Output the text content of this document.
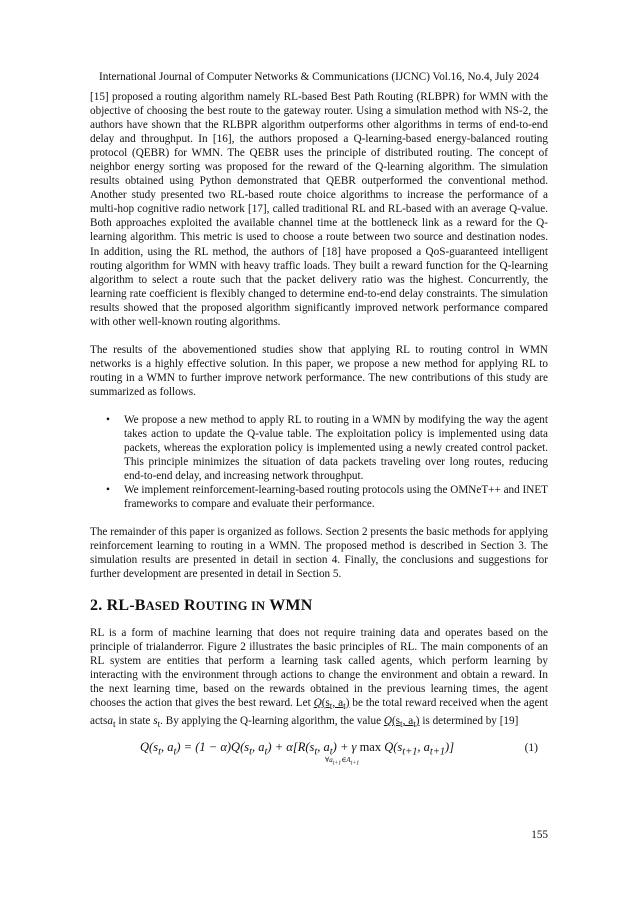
International Journal of Computer Networks & Communications (IJCNC) Vol.16, No.4, July 2024

[15] proposed a routing algorithm namely RL-based Best Path Routing (RLBPR) for WMN with the objective of choosing the best route to the gateway router. Using a simulation method with NS-2, the authors have shown that the RLBPR algorithm outperforms other algorithms in terms of end-to-end delay and throughput. In [16], the authors proposed a Q-learning-based energy-balanced routing protocol (QEBR) for WMN. The QEBR uses the principle of distributed routing. The concept of neighbor energy sorting was proposed for the reward of the Q-learning algorithm. The simulation results obtained using Python demonstrated that QEBR outperformed the conventional method. Another study presented two RL-based route choice algorithms to increase the performance of a multi-hop cognitive radio network [17], called traditional RL and RL-based with an average Q-value. Both approaches exploited the available channel time at the bottleneck link as a reward for the Q-learning algorithm. This metric is used to choose a route between two source and destination nodes. In addition, using the RL method, the authors of [18] have proposed a QoS-guaranteed intelligent routing algorithm for WMN with heavy traffic loads. They built a reward function for the Q-learning algorithm to select a route such that the packet delivery ratio was the highest. Concurrently, the learning rate coefficient is flexibly changed to determine end-to-end delay constraints. The simulation results showed that the proposed algorithm significantly improved network performance compared with other well-known routing algorithms.

The results of the abovementioned studies show that applying RL to routing control in WMN networks is a highly effective solution. In this paper, we propose a new method for applying RL to routing in a WMN to further improve network performance. The new contributions of this study are summarized as follows.

• We propose a new method to apply RL to routing in a WMN by modifying the way the agent takes action to update the Q-value table. The exploitation policy is implemented using data packets, whereas the exploration policy is implemented using a newly created control packet. This principle minimizes the situation of data packets traveling over long routes, reducing end-to-end delay, and increasing network throughput.
• We implement reinforcement-learning-based routing protocols using the OMNeT++ and INET frameworks to compare and evaluate their performance.

The remainder of this paper is organized as follows. Section 2 presents the basic methods for applying reinforcement learning to routing in a WMN. The proposed method is described in Section 3. The simulation results are presented in detail in section 4. Finally, the conclusions and suggestions for further development are presented in detail in Section 5.

2. RL-BASED ROUTING IN WMN

RL is a form of machine learning that does not require training data and operates based on the principle of trialanderror. Figure 2 illustrates the basic principles of RL. The main components of an RL system are entities that perform a learning task called agents, which perform learning by interacting with the environment through actions to change the environment and obtain a reward. In the next learning time, based on the rewards obtained in the previous learning times, the agent chooses the action that gives the best reward. Let $Q(s_t$, $a_t$) be the total reward received when the agent actsa$_t$ in state $s_t$. By applying the Q-learning algorithm, the value $Q(s_t$, $a_t$) is determined by [19]

$Q(s_t$, $a_t) = (1 - \alpha)Q(s_t$, $a_t) + \alpha[R(s_t$, $a_t) + \gamma$ $\max Q(s_{t+1}$, $a_{t+1}$)]
$\forall a_{t+1}\in A_{t+1}$
(1)
155
